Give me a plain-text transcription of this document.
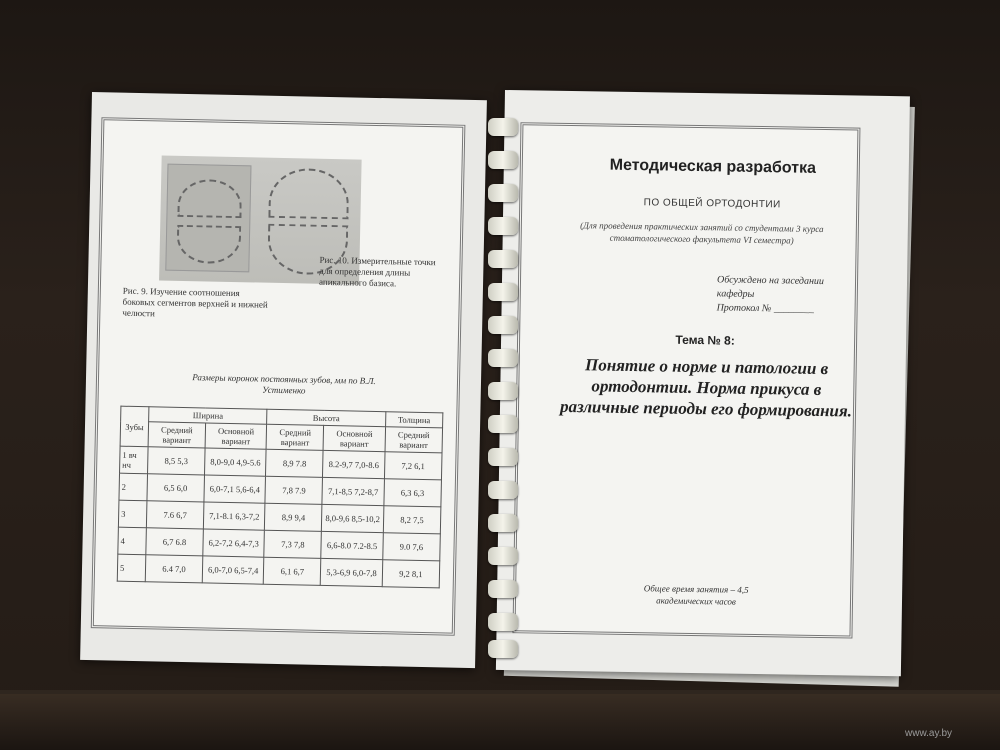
Рис. 10. Измерительные точки для определения длины апикального базиса.
Рис. 9. Изучение соотношения боковых сегментов верхней и нижней челюсти
Размеры коронок постоянных зубов, мм по В.Л. Устименко
Зубы	Ширина		Высота		Толщина
	Средний вариант	Основной вариант	Средний вариант	Основной вариант	Средний вариант
1 вч нч	8,5 5,3	8,0-9,0 4,9-5.6	8,9 7.8	8.2-9,7 7,0-8.6	7,2 6,1
2	6,5 6,0	6,0-7,1 5,6-6,4	7,8 7.9	7,1-8,5 7,2-8,7	6,3 6,3
3	7.6 6,7	7,1-8.1 6,3-7,2	8,9 9,4	8,0-9,6 8,5-10,2	8,2 7,5
4	6,7 6.8	6,2-7,2 6,4-7,3	7,3 7,8	6,6-8.0 7.2-8.5	9.0 7,6
5	6.4 7,0	6,0-7,0 6,5-7,4	6,1 6,7	5,3-6,9 6,0-7,8	9,2 8,1
Методическая разработка
ПО ОБЩЕЙ ОРТОДОНТИИ
(Для проведения практических занятий со студентами 3 курса стоматологического факультета VI семестра)
Обсуждено на заседании
кафедры
Протокол № ________
Тема № 8:
Понятие о норме и патологии в ортодонтии. Норма прикуса в различные периоды его формирования.
Общее время занятия – 4,5
академических часов
www.ay.by
